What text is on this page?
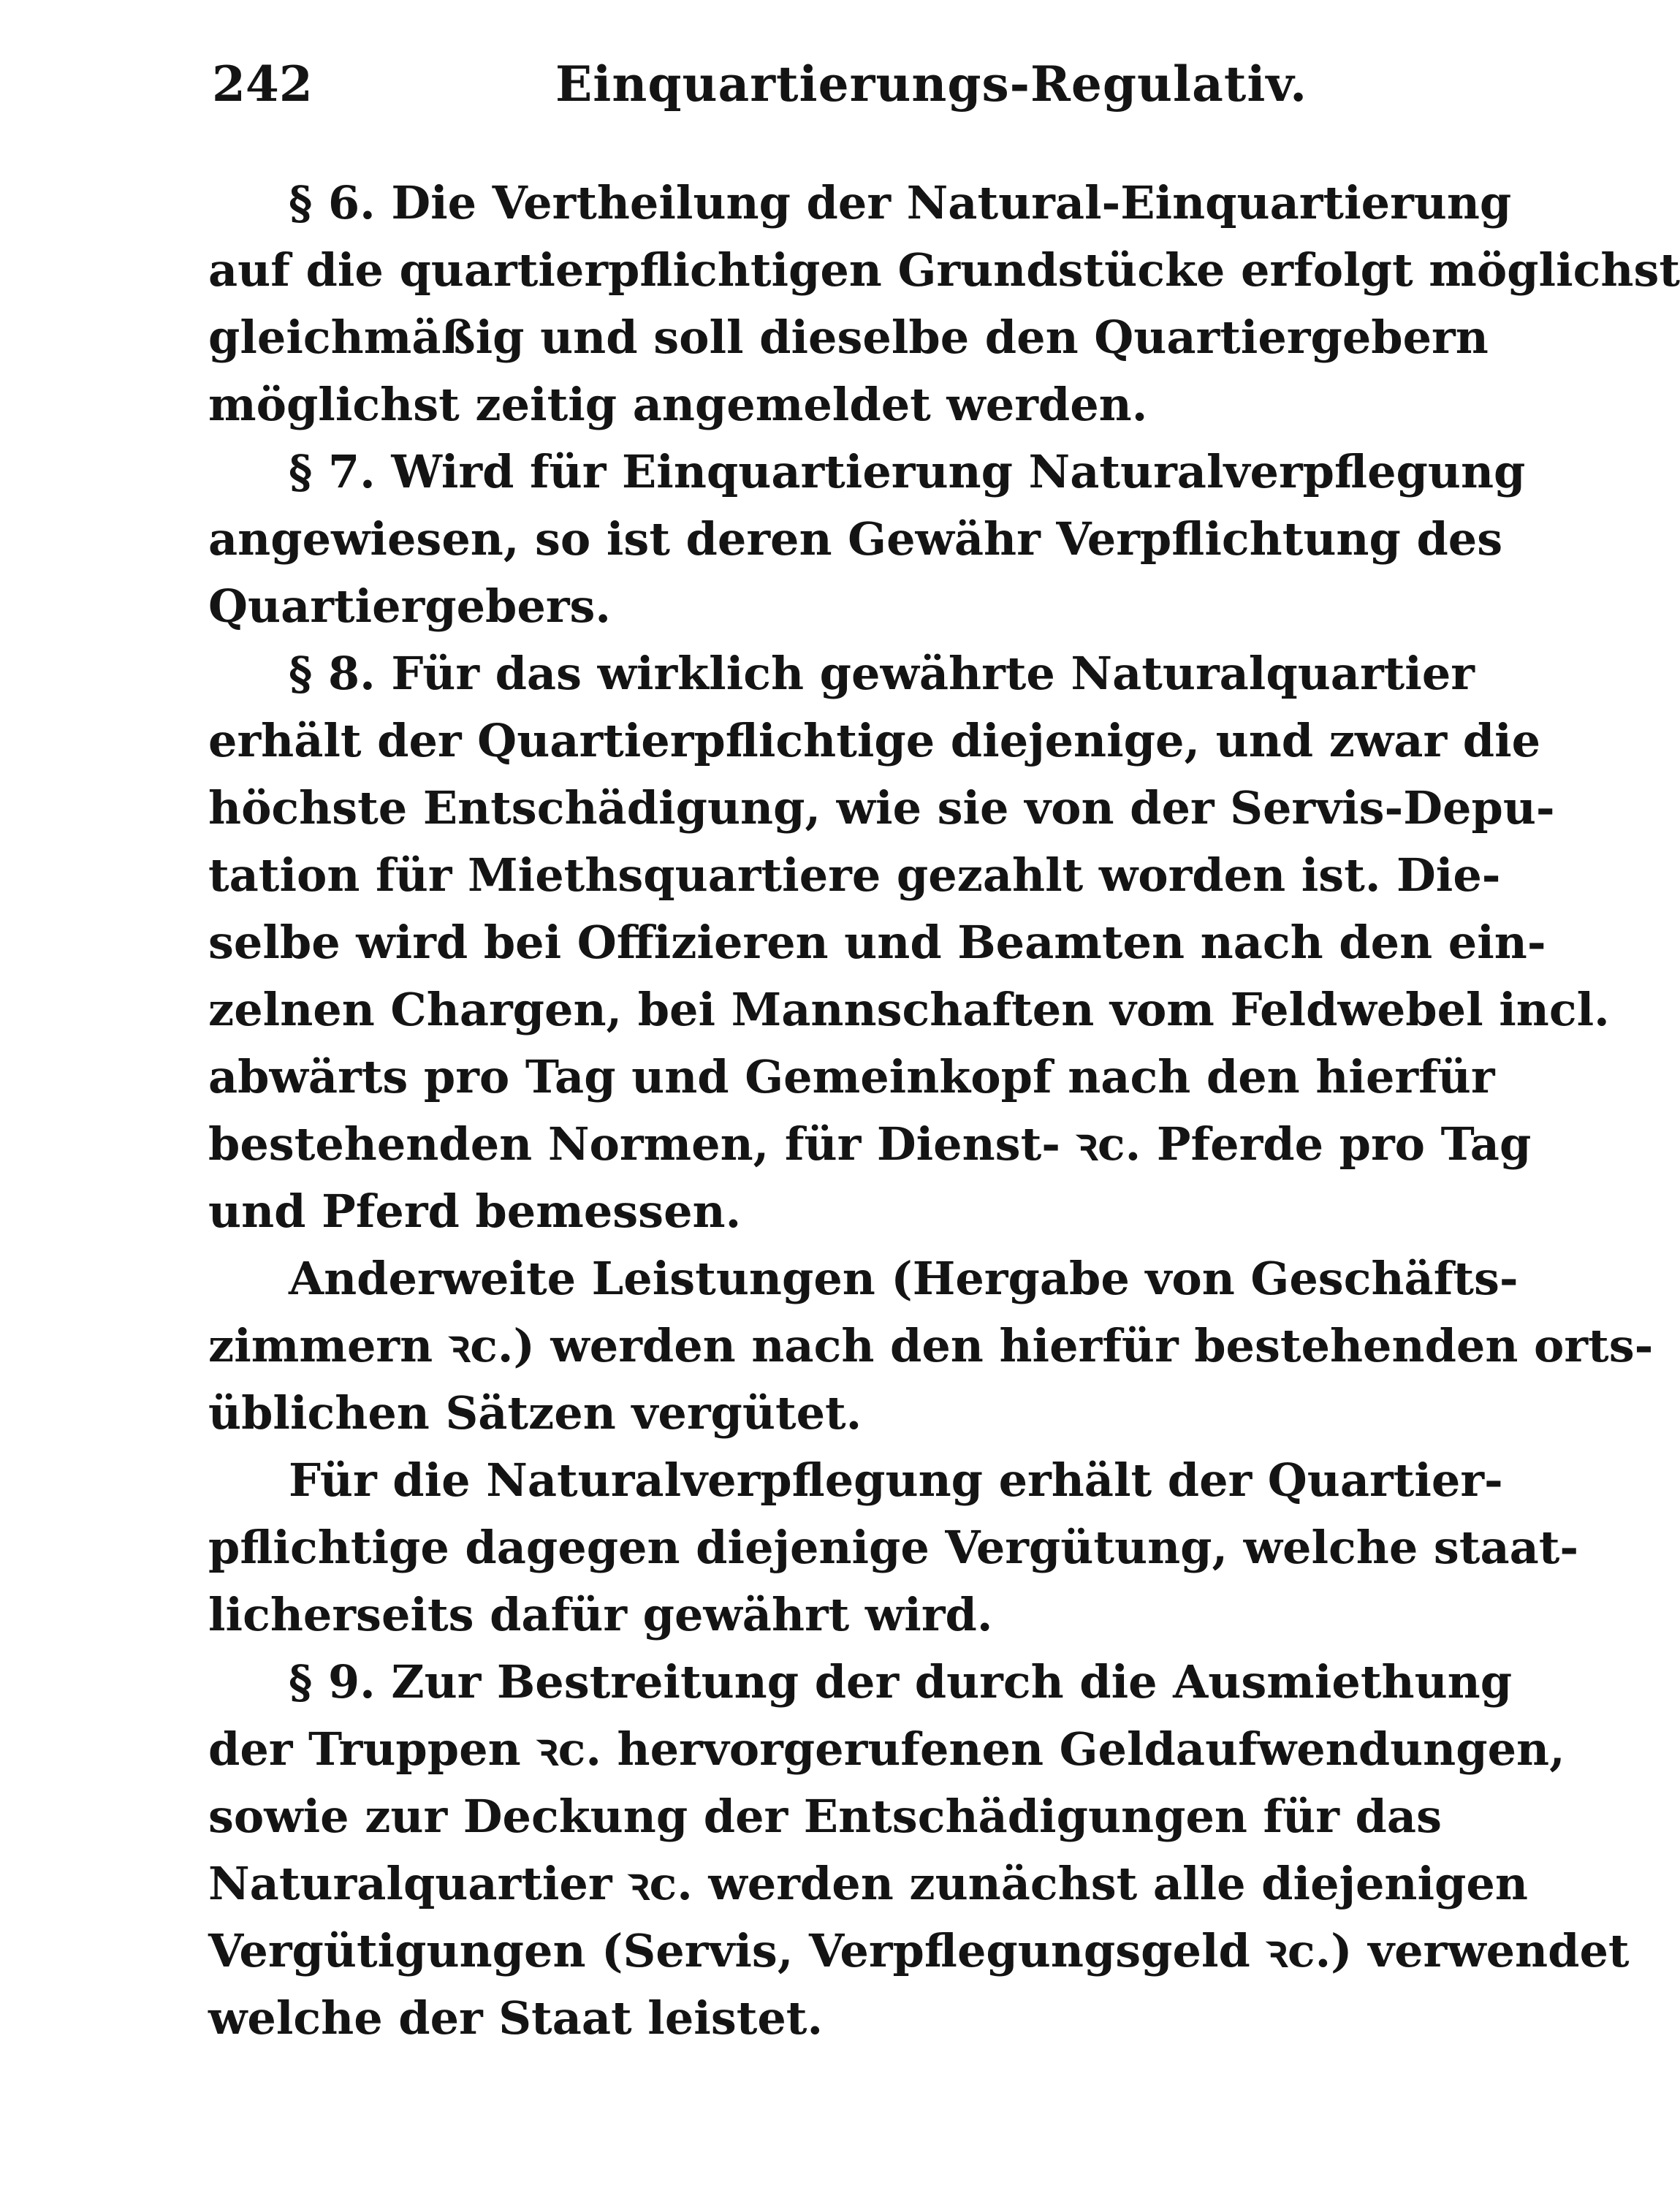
242	Einquartierungs-Regulativ.
§ 6. Die Vertheilung der Natural-Einquartierung
auf die quartierpflichtigen Grundstücke erfolgt möglichst
gleichmäßig und soll dieselbe den Quartiergebern
möglichst zeitig angemeldet werden.
§ 7. Wird für Einquartierung Naturalverpflegung
angewiesen, so ist deren Gewähr Verpflichtung des
Quartiergebers.
§ 8. Für das wirklich gewährte Naturalquartier
erhält der Quartierpflichtige diejenige, und zwar die
höchste Entschädigung, wie sie von der Servis-Depu-
tation für Miethsquartiere gezahlt worden ist. Die-
selbe wird bei Offizieren und Beamten nach den ein-
zelnen Chargen, bei Mannschaften vom Feldwebel incl.
abwärts pro Tag und Gemeinkopf nach den hierfür
bestehenden Normen, für Dienst- ꝛc. Pferde pro Tag
und Pferd bemessen.
Anderweite Leistungen (Hergabe von Geschäfts-
zimmern ꝛc.) werden nach den hierfür bestehenden orts-
üblichen Sätzen vergütet.
Für die Naturalverpflegung erhält der Quartier-
pflichtige dagegen diejenige Vergütung, welche staat-
licherseits dafür gewährt wird.
§ 9. Zur Bestreitung der durch die Ausmiethung
der Truppen ꝛc. hervorgerufenen Geldaufwendungen,
sowie zur Deckung der Entschädigungen für das
Naturalquartier ꝛc. werden zunächst alle diejenigen
Vergütigungen (Servis, Verpflegungsgeld ꝛc.) verwendet
welche der Staat leistet.
